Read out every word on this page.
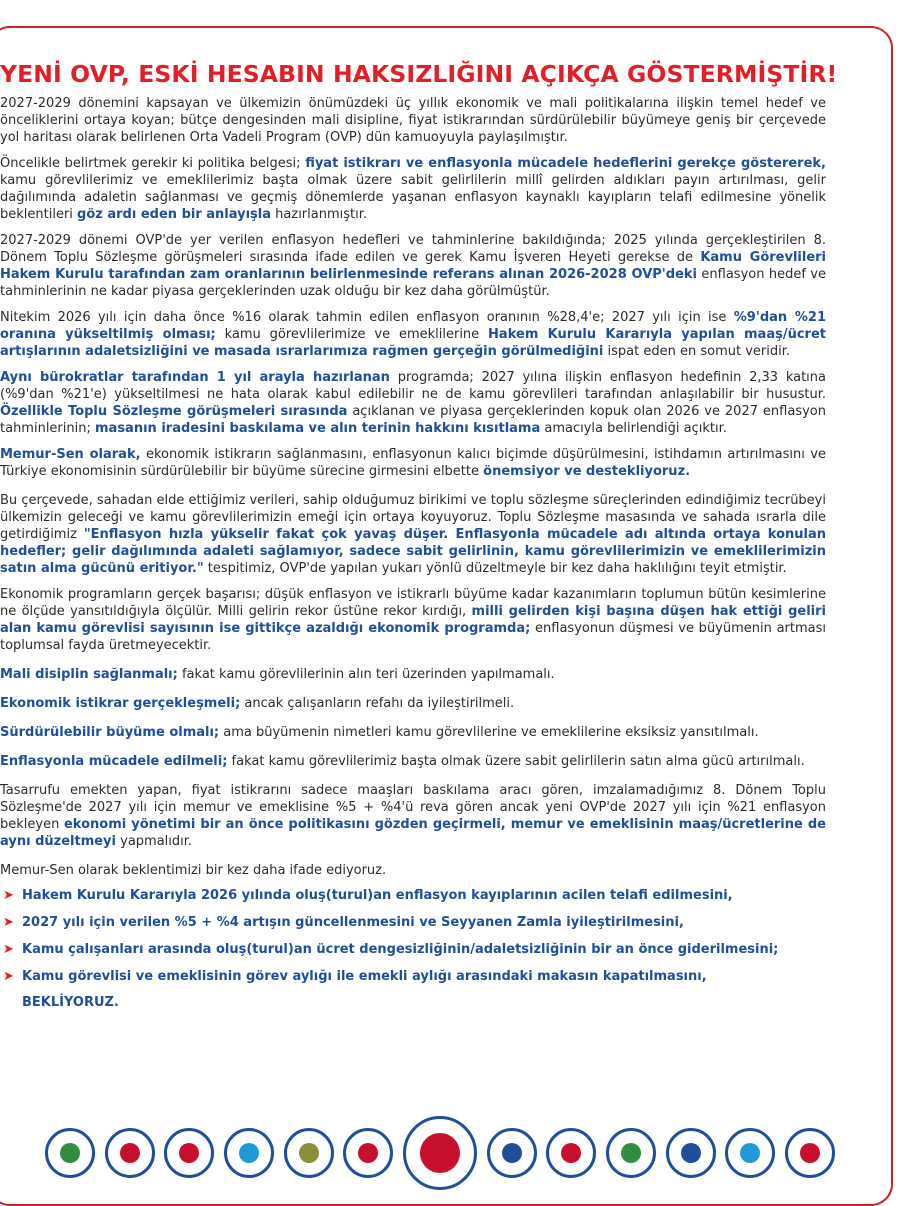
YENİ OVP, ESKİ HESABIN HAKSIZLIĞINI AÇIKÇA GÖSTERMİŞTİR!

2027-2029 dönemini kapsayan ve ülkemizin önümüzdeki üç yıllık ekonomik ve mali politikalarına ilişkin temel hedef ve önceliklerini ortaya koyan; bütçe dengesinden mali disipline, fiyat istikrarından sürdürülebilir büyümeye geniş bir çerçevede yol haritası olarak belirlenen Orta Vadeli Program (OVP) dün kamuoyuyla paylaşılmıştır.

Öncelikle belirtmek gerekir ki politika belgesi; fiyat istikrarı ve enflasyonla mücadele hedeflerini gerekçe göstererek, kamu görevlilerimiz ve emeklilerimiz başta olmak üzere sabit gelirlilerin millî gelirden aldıkları payın artırılması, gelir dağılımında adaletin sağlanması ve geçmiş dönemlerde yaşanan enflasyon kaynaklı kayıpların telafi edilmesine yönelik beklentileri göz ardı eden bir anlayışla hazırlanmıştır.

2027-2029 dönemi OVP'de yer verilen enflasyon hedefleri ve tahminlerine bakıldığında; 2025 yılında gerçekleştirilen 8. Dönem Toplu Sözleşme görüşmeleri sırasında ifade edilen ve gerek Kamu İşveren Heyeti gerekse de Kamu Görevlileri Hakem Kurulu tarafından zam oranlarının belirlenmesinde referans alınan 2026-2028 OVP'deki enflasyon hedef ve tahminlerinin ne kadar piyasa gerçeklerinden uzak olduğu bir kez daha görülmüştür.

Nitekim 2026 yılı için daha önce %16 olarak tahmin edilen enflasyon oranının %28,4'e; 2027 yılı için ise %9'dan %21 oranına yükseltilmiş olması; kamu görevlilerimize ve emeklilerine Hakem Kurulu Kararıyla yapılan maaş/ücret artışlarının adaletsizliğini ve masada ısrarlarımıza rağmen gerçeğin görülmediğini ispat eden en somut veridir.

Aynı bürokratlar tarafından 1 yıl arayla hazırlanan programda; 2027 yılına ilişkin enflasyon hedefinin 2,33 katına (%9'dan %21'e) yükseltilmesi ne hata olarak kabul edilebilir ne de kamu görevlileri tarafından anlaşılabilir bir husustur. Özellikle Toplu Sözleşme görüşmeleri sırasında açıklanan ve piyasa gerçeklerinden kopuk olan 2026 ve 2027 enflasyon tahminlerinin; masanın iradesini baskılama ve alın terinin hakkını kısıtlama amacıyla belirlendiği açıktır.

Memur-Sen olarak, ekonomik istikrarın sağlanmasını, enflasyonun kalıcı biçimde düşürülmesini, istihdamın artırılmasını ve Türkiye ekonomisinin sürdürülebilir bir büyüme sürecine girmesini elbette önemsiyor ve destekliyoruz.

Bu çerçevede, sahadan elde ettiğimiz verileri, sahip olduğumuz birikimi ve toplu sözleşme süreçlerinden edindiğimiz tecrübeyi ülkemizin geleceği ve kamu görevlilerimizin emeği için ortaya koyuyoruz. Toplu Sözleşme masasında ve sahada ısrarla dile getirdiğimiz "Enflasyon hızla yükselir fakat çok yavaş düşer. Enflasyonla mücadele adı altında ortaya konulan hedefler; gelir dağılımında adaleti sağlamıyor, sadece sabit gelirlinin, kamu görevlilerimizin ve emeklilerimizin satın alma gücünü eritiyor." tespitimiz, OVP'de yapılan yukarı yönlü düzeltmeyle bir kez daha haklılığını teyit etmiştir.

Ekonomik programların gerçek başarısı; düşük enflasyon ve istikrarlı büyüme kadar kazanımların toplumun bütün kesimlerine ne ölçüde yansıtıldığıyla ölçülür. Milli gelirin rekor üstüne rekor kırdığı, milli gelirden kişi başına düşen hak ettiği geliri alan kamu görevlisi sayısının ise gittikçe azaldığı ekonomik programda; enflasyonun düşmesi ve büyümenin artması toplumsal fayda üretmeyecektir.

Mali disiplin sağlanmalı; fakat kamu görevlilerinin alın teri üzerinden yapılmamalı.

Ekonomik istikrar gerçekleşmeli; ancak çalışanların refahı da iyileştirilmeli.

Sürdürülebilir büyüme olmalı; ama büyümenin nimetleri kamu görevlilerine ve emeklilerine eksiksiz yansıtılmalı.

Enflasyonla mücadele edilmeli; fakat kamu görevlilerimiz başta olmak üzere sabit gelirlilerin satın alma gücü artırılmalı.

Tasarrufu emekten yapan, fiyat istikrarını sadece maaşları baskılama aracı gören, imzalamadığımız 8. Dönem Toplu Sözleşme'de 2027 yılı için memur ve emeklisine %5 + %4'ü reva gören ancak yeni OVP'de 2027 yılı için %21 enflasyon bekleyen ekonomi yönetimi bir an önce politikasını gözden geçirmeli, memur ve emeklisinin maaş/ücretlerine de aynı düzeltmeyi yapmalıdır.

Memur-Sen olarak beklentimizi bir kez daha ifade ediyoruz.

➤ Hakem Kurulu Kararıyla 2026 yılında oluş(turul)an enflasyon kayıplarının acilen telafi edilmesini,
➤ 2027 yılı için verilen %5 + %4 artışın güncellenmesini ve Seyyanen Zamla iyileştirilmesini,
➤ Kamu çalışanları arasında oluş(turul)an ücret dengesizliğinin/adaletsizliğinin bir an önce giderilmesini;
➤ Kamu görevlisi ve emeklisinin görev aylığı ile emekli aylığı arasındaki makasın kapatılmasını,
BEKLİYORUZ.
